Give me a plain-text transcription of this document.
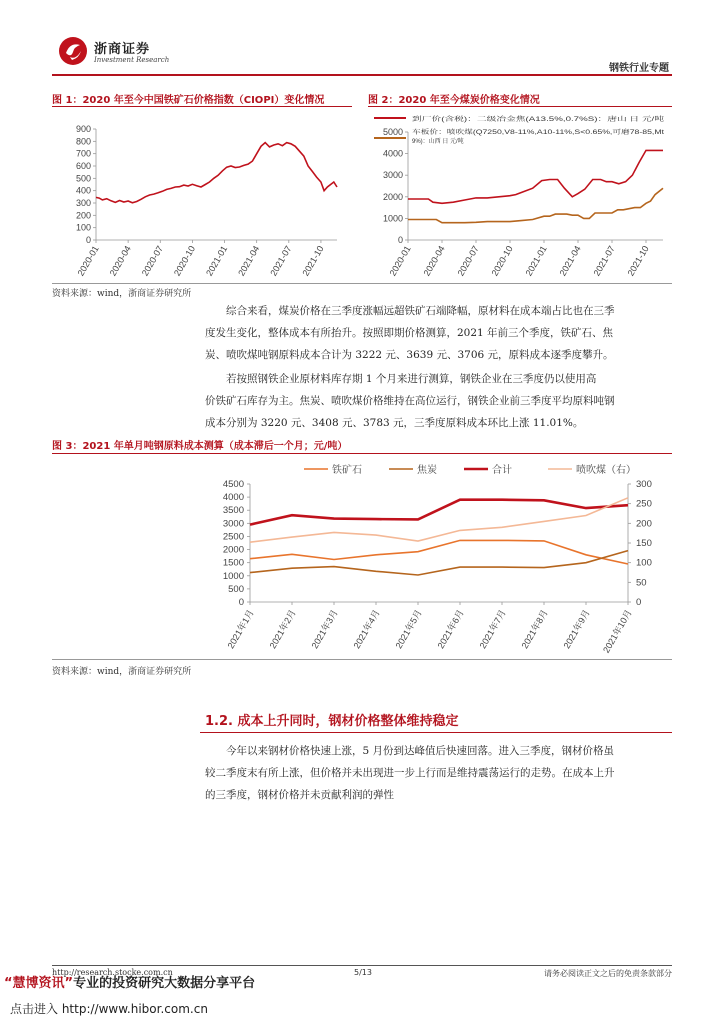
浙商证券
Investment Research
钢铁行业专题
图 1：2020 年至今中国铁矿石价格指数（CIOPI）变化情况
0
100
200
300
400
500
600
700
800
900
2020-01 2020-04 2020-07 2020-10 2021-01 2021-04 2021-07 2021-10
图 2：2020 年至今煤炭价格变化情况
0
1000
2000
3000
4000
5000
2020-01 2020-04 2020-07 2020-10 2021-01 2021-04 2021-07 2021-10
到厂价(含税)：二级冶金焦(A13.5%,0.7%S)：唐山 日 元/吨
车板价：喷吹煤(Q7250,V8-11%,A10-11%,S<0.65%,可磨78-85,Mt
9%)：山西 日 元/吨
资料来源：wind，浙商证券研究所
综合来看，煤炭价格在三季度涨幅远超铁矿石端降幅，原材料在成本端占比也在三季
度发生变化，整体成本有所抬升。按照即期价格测算，2021 年前三个季度，铁矿石、焦
炭、喷吹煤吨钢原料成本合计为 3222 元、3639 元、3706 元，原料成本逐季度攀升。
若按照钢铁企业原材料库存期 1 个月来进行测算，钢铁企业在三季度仍以使用高
价铁矿石库存为主。焦炭、喷吹煤价格维持在高位运行，钢铁企业前三季度平均原料吨钢
成本分别为 3220 元、3408 元、3783 元，三季度原料成本环比上涨 11.01%。
图 3：2021 年单月吨钢原料成本测算（成本滞后一个月；元/吨）
0
500
1000
1500
2000
2500
3000
3500
4000
4500
0
50
100
150
200
250
300
2021年1月 2021年2月 2021年3月 2021年4月 2021年5月 2021年6月 2021年7月 2021年8月 2021年9月 2021年10月
铁矿石	焦炭	合计	喷吹煤（右）
资料来源：wind，浙商证券研究所
1.2. 成本上升同时，钢材价格整体维持稳定
今年以来钢材价格快速上涨，5 月份到达峰值后快速回落。进入三季度，钢材价格虽
较二季度末有所上涨，但价格并未出现进一步上行而是维持震荡运行的走势。在成本上升
的三季度，钢材价格并未贡献利润的弹性
http://research.stocke.com.cn	5/13	请务必阅读正文之后的免责条款部分
“慧博资讯”专业的投资研究大数据分享平台
点击进入 http://www.hibor.com.cn
